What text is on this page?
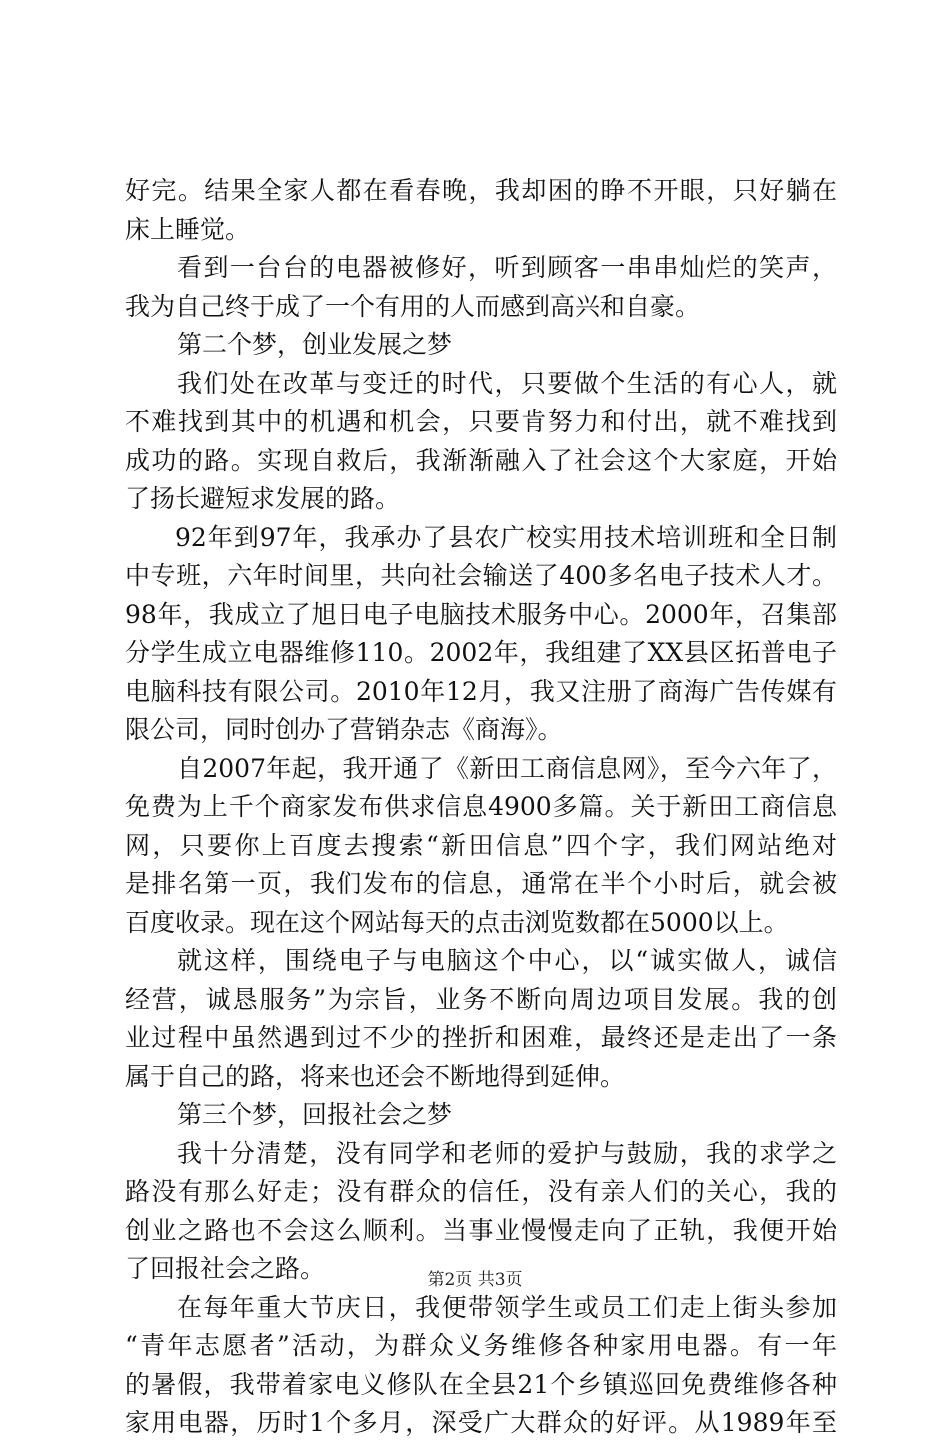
好完。结果全家人都在看春晚，我却困的睁不开眼，只好躺在
床上睡觉。
看到一台台的电器被修好，听到顾客一串串灿烂的笑声，
我为自己终于成了一个有用的人而感到高兴和自豪。
第二个梦，创业发展之梦
我们处在改革与变迁的时代，只要做个生活的有心人，就
不难找到其中的机遇和机会，只要肯努力和付出，就不难找到
成功的路。实现自救后，我渐渐融入了社会这个大家庭，开始
了扬长避短求发展的路。
92年到97年，我承办了县农广校实用技术培训班和全日制
中专班，六年时间里，共向社会输送了400多名电子技术人才。
98年，我成立了旭日电子电脑技术服务中心。2000年，召集部
分学生成立电器维修110。2002年，我组建了XX县区拓普电子
电脑科技有限公司。2010年12月，我又注册了商海广告传媒有
限公司，同时创办了营销杂志《商海》。
自2007年起，我开通了《新田工商信息网》，至今六年了，
免费为上千个商家发布供求信息4900多篇。关于新田工商信息
网，只要你上百度去搜索“新田信息”四个字，我们网站绝对
是排名第一页，我们发布的信息，通常在半个小时后，就会被
百度收录。现在这个网站每天的点击浏览数都在5000以上。
就这样，围绕电子与电脑这个中心，以“诚实做人，诚信
经营，诚恳服务”为宗旨，业务不断向周边项目发展。我的创
业过程中虽然遇到过不少的挫折和困难，最终还是走出了一条
属于自己的路，将来也还会不断地得到延伸。
第三个梦，回报社会之梦
我十分清楚，没有同学和老师的爱护与鼓励，我的求学之
路没有那么好走；没有群众的信任，没有亲人们的关心，我的
创业之路也不会这么顺利。当事业慢慢走向了正轨，我便开始
了回报社会之路。
在每年重大节庆日，我便带领学生或员工们走上街头参加
“青年志愿者”活动，为群众义务维修各种家用电器。有一年
的暑假，我带着家电义修队在全县21个乡镇巡回免费维修各种
家用电器，历时1个多月，深受广大群众的好评。从1989年至
第2页 共3页
